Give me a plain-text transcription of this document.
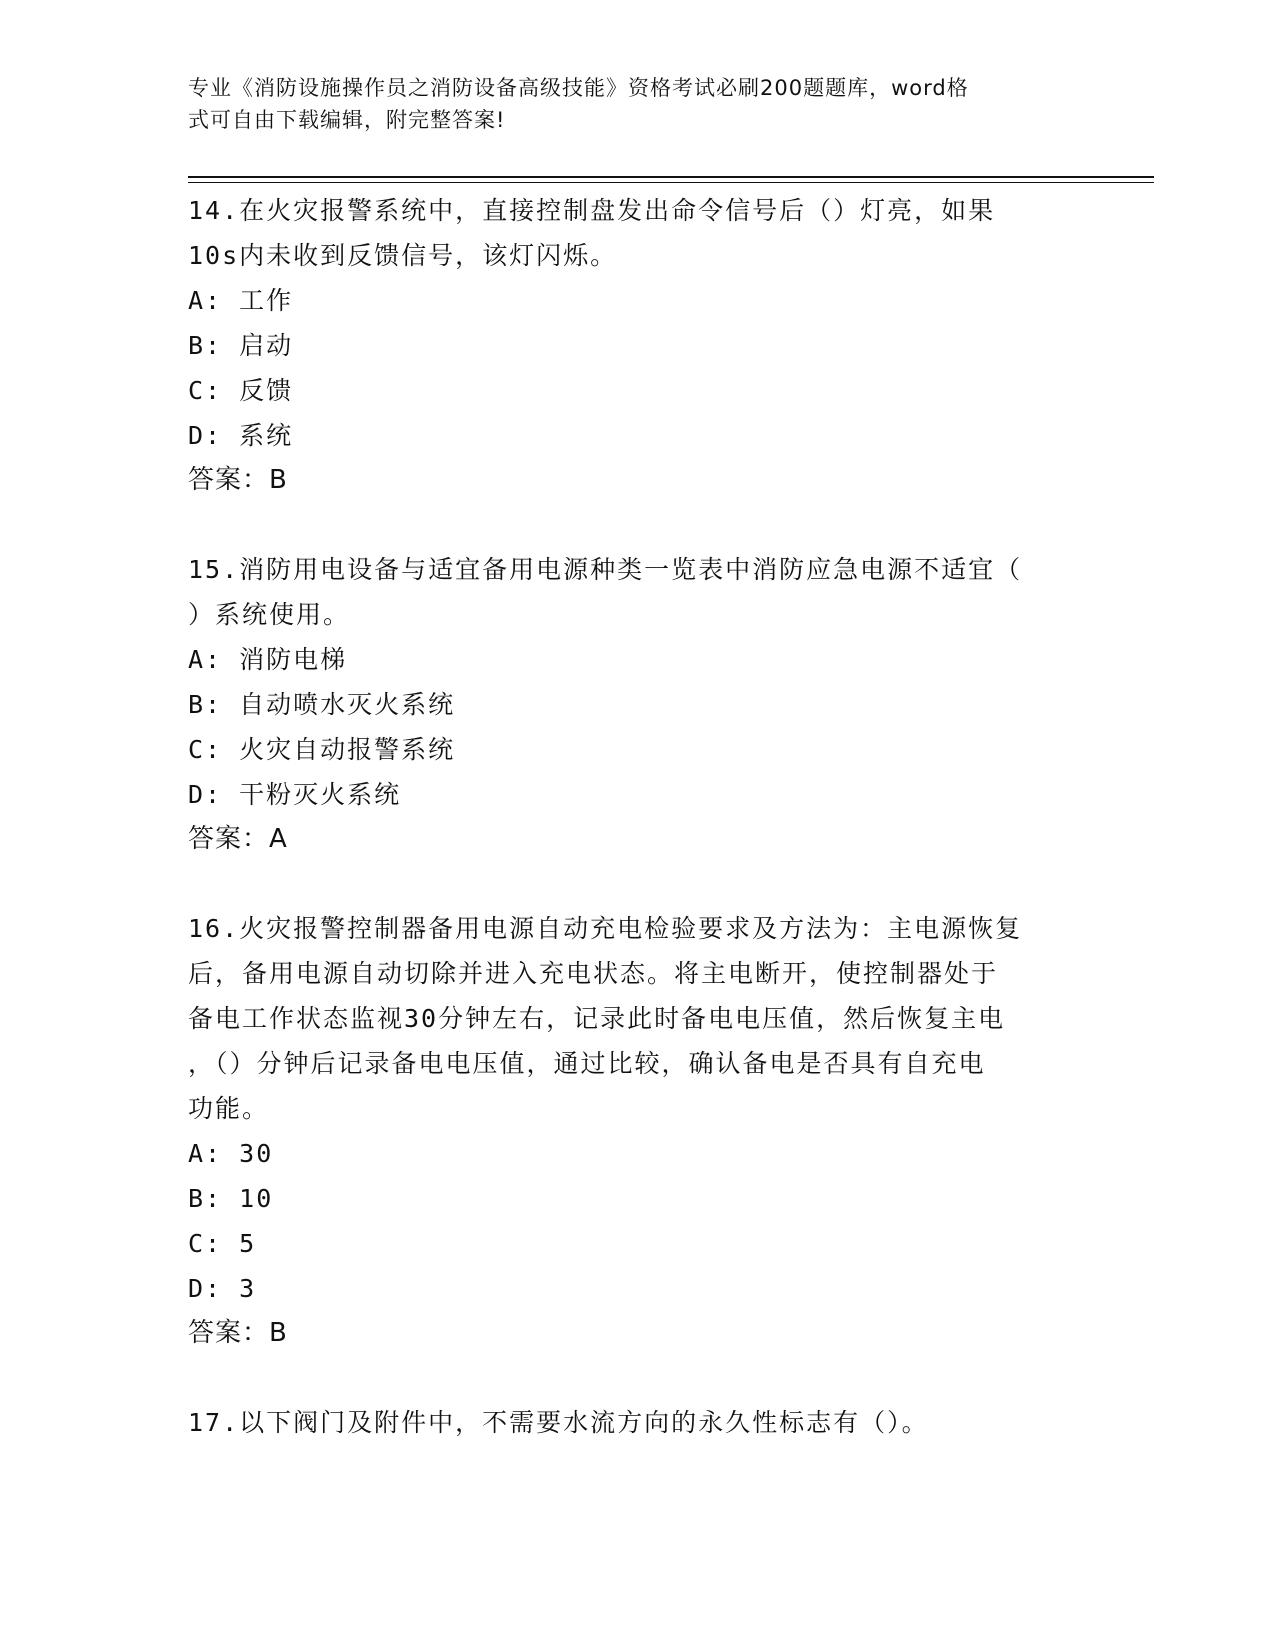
专业《消防设施操作员之消防设备高级技能》资格考试必刷200题题库，word格
式可自由下载编辑，附完整答案!

14.在火灾报警系统中，直接控制盘发出命令信号后（）灯亮，如果

10s内未收到反馈信号，该灯闪烁。

A: 工作

B: 启动

C: 反馈

D: 系统

答案：B

15.消防用电设备与适宜备用电源种类一览表中消防应急电源不适宜（

）系统使用。

A: 消防电梯

B: 自动喷水灭火系统

C: 火灾自动报警系统

D: 干粉灭火系统

答案：A

16.火灾报警控制器备用电源自动充电检验要求及方法为：主电源恢复

后，备用电源自动切除并进入充电状态。将主电断开，使控制器处于

备电工作状态监视30分钟左右，记录此时备电电压值，然后恢复主电

，（）分钟后记录备电电压值，通过比较，确认备电是否具有自充电

功能。

A: 30

B: 10

C: 5

D: 3

答案：B

17.以下阀门及附件中，不需要水流方向的永久性标志有（）。
